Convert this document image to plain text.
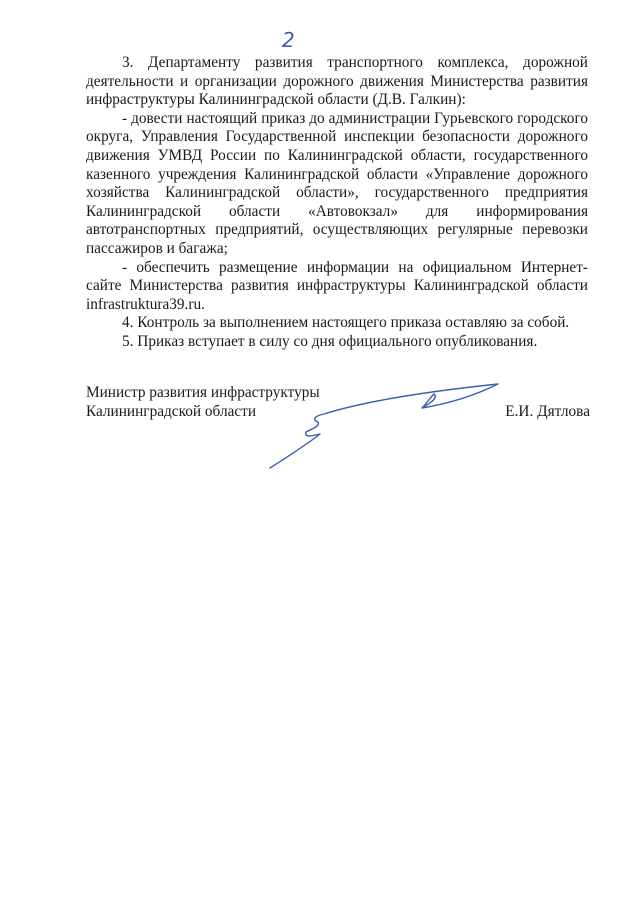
2

3. Департаменту развития транспортного комплекса, дорожной деятельности и организации дорожного движения Министерства развития инфраструктуры Калининградской области (Д.В. Галкин):

- довести настоящий приказ до администрации Гурьевского городского округа, Управления Государственной инспекции безопасности дорожного движения УМВД России по Калининградской области, государственного казенного учреждения Калининградской области «Управление дорожного хозяйства Калининградской области», государственного предприятия Калининградской области «Автовокзал» для информирования автотранспортных предприятий, осуществляющих регулярные перевозки пассажиров и багажа;

- обеспечить размещение информации на официальном Интернет-сайте Министерства развития инфраструктуры Калининградской области infrastruktura39.ru.

4. Контроль за выполнением настоящего приказа оставляю за собой.

5. Приказ вступает в силу со дня официального опубликования.

Министр развития инфраструктуры

Калининградской области	Е.И. Дятлова
